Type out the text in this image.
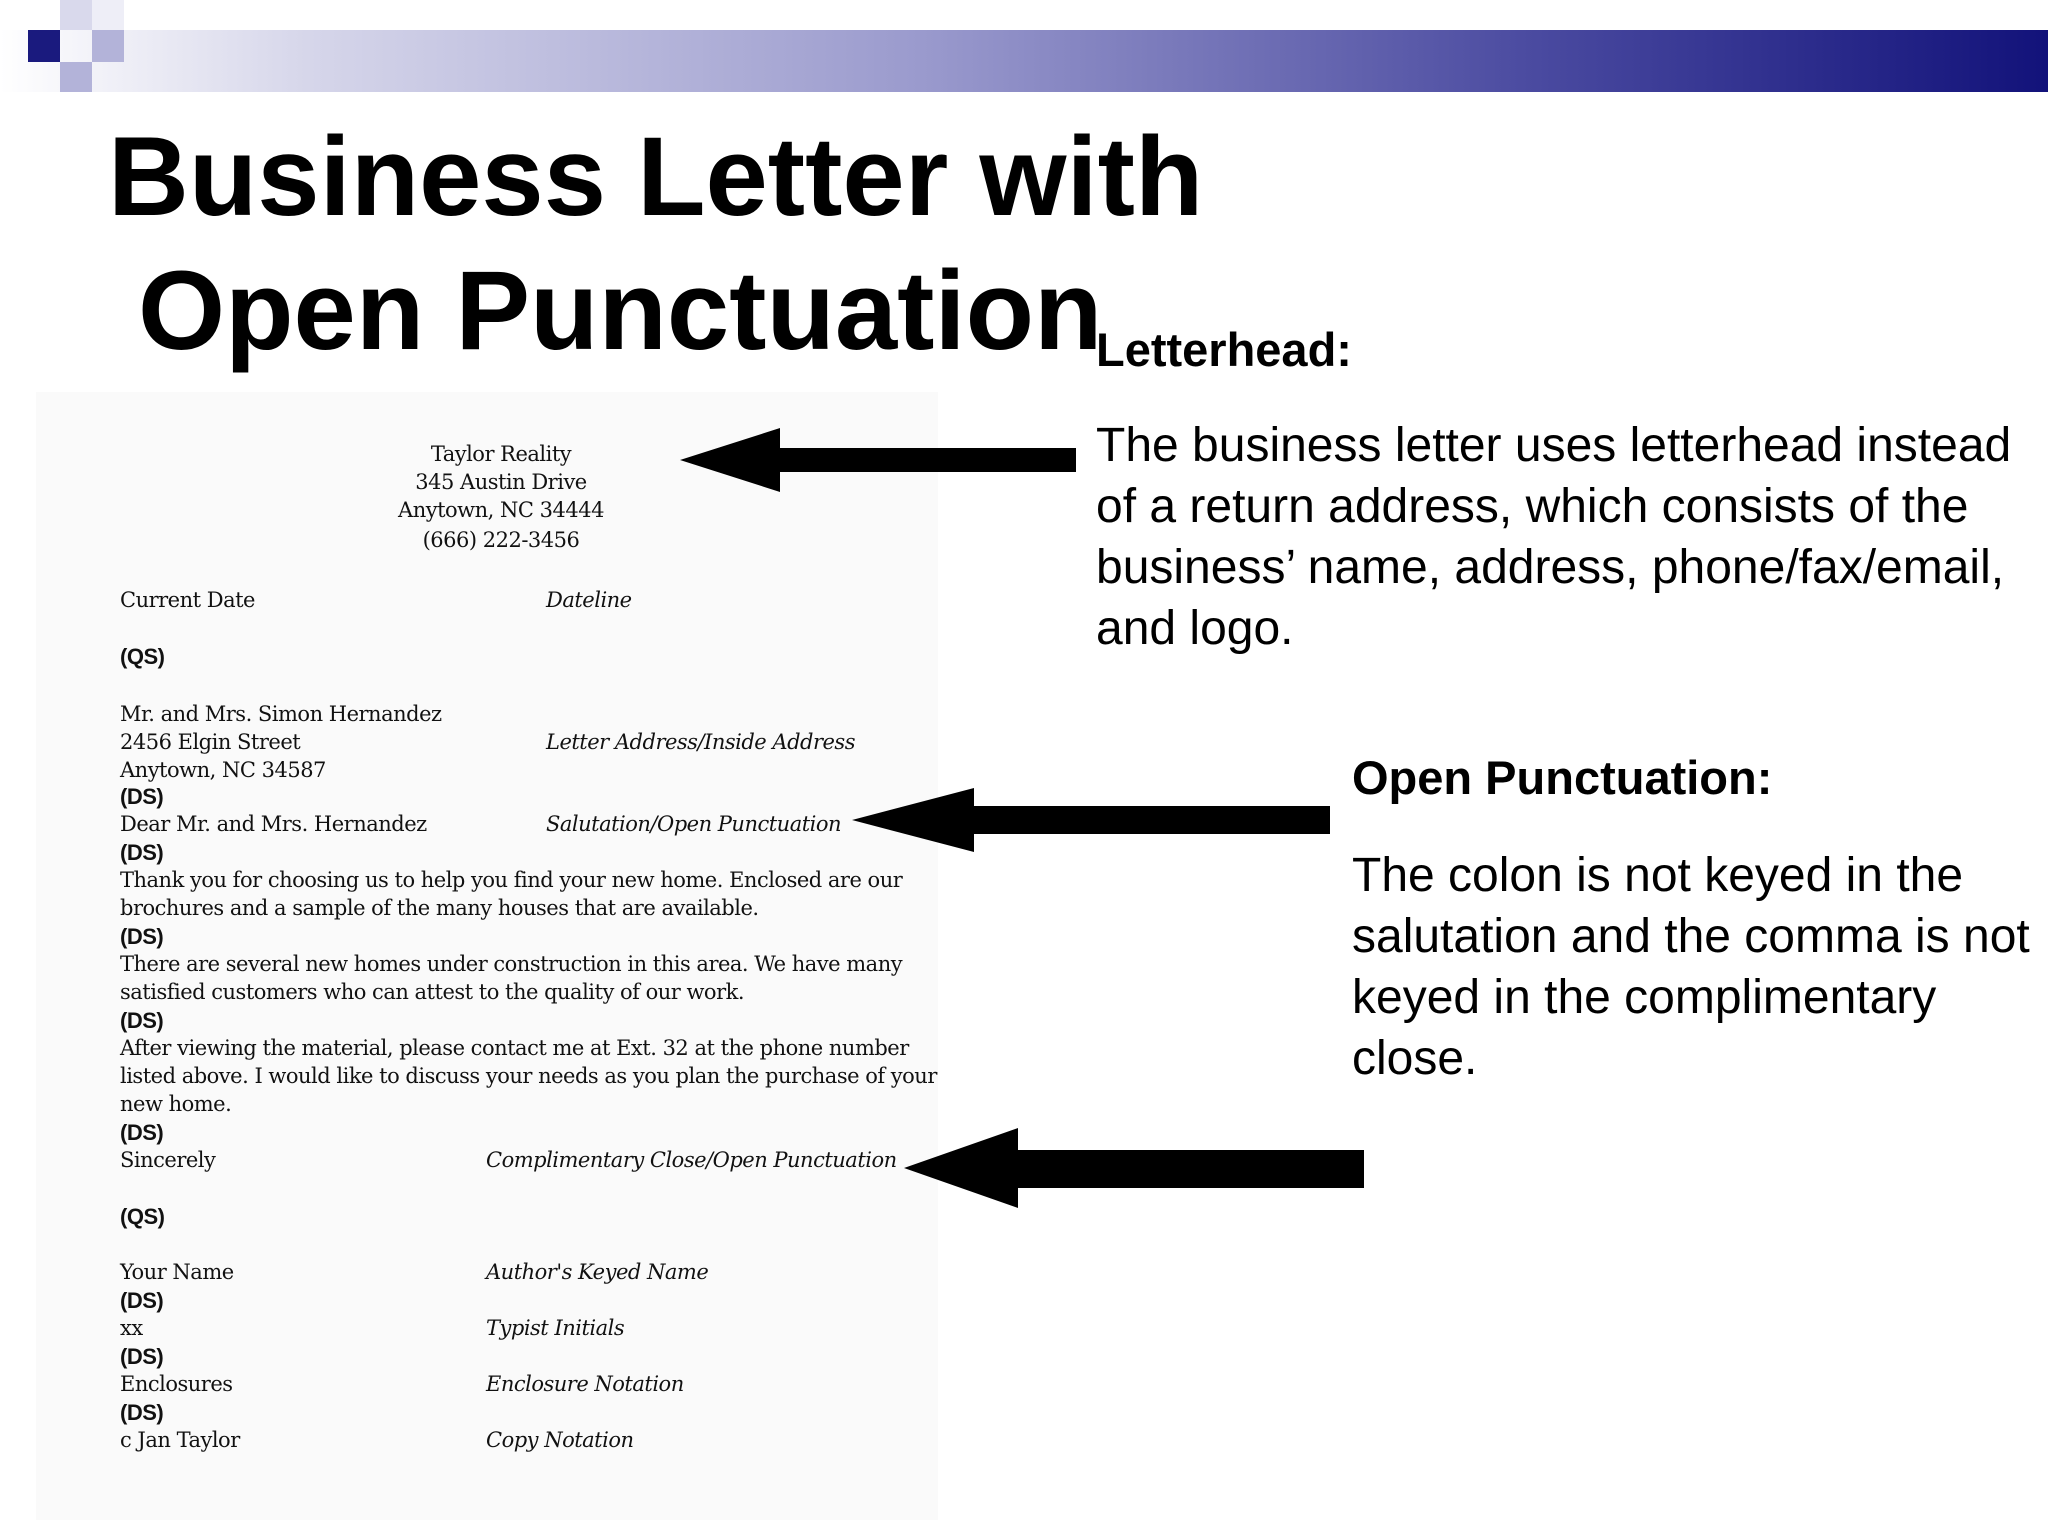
Business Letter with
Open Punctuation
Taylor Reality
345 Austin Drive
Anytown, NC 34444
(666) 222-3456
Current Date	Dateline
(QS)
Mr. and Mrs. Simon Hernandez
2456 Elgin Street	Letter Address/Inside Address
Anytown, NC 34587
(DS)
Dear Mr. and Mrs. Hernandez	Salutation/Open Punctuation
(DS)
Thank you for choosing us to help you find your new home. Enclosed are our
brochures and a sample of the many houses that are available.
(DS)
There are several new homes under construction in this area. We have many
satisfied customers who can attest to the quality of our work.
(DS)
After viewing the material, please contact me at Ext. 32 at the phone number
listed above. I would like to discuss your needs as you plan the purchase of your
new home.
(DS)
Sincerely	Complimentary Close/Open Punctuation
(QS)
Your Name	Author's Keyed Name
(DS)
xx	Typist Initials
(DS)
Enclosures	Enclosure Notation
(DS)
c Jan Taylor	Copy Notation
Letterhead:

The business letter uses letterhead instead of a return address, which consists of the business’ name, address, phone/fax/email, and logo.

Open Punctuation:

The colon is not keyed in the salutation and the comma is not keyed in the complimentary close.
